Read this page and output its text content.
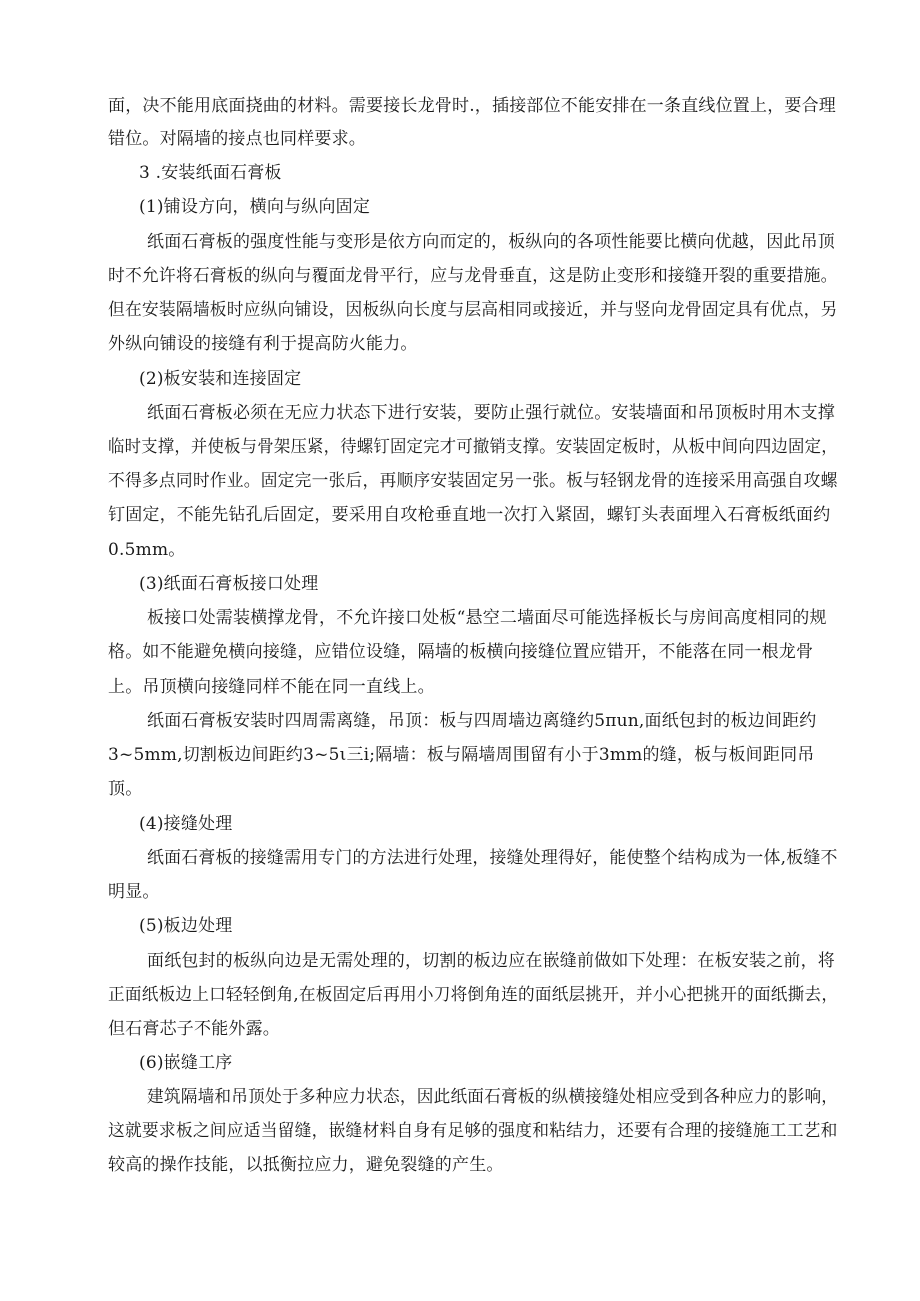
面，决不能用底面挠曲的材料。需要接长龙骨时.，插接部位不能安排在一条直线位置上，要合理
错位。对隔墙的接点也同样要求。
3 .安装纸面石膏板
(1)铺设方向，横向与纵向固定
纸面石膏板的强度性能与变形是依方向而定的，板纵向的各项性能要比横向优越，因此吊顶
时不允许将石膏板的纵向与覆面龙骨平行，应与龙骨垂直，这是防止变形和接缝开裂的重要措施。
但在安装隔墙板时应纵向铺设，因板纵向长度与层高相同或接近，并与竖向龙骨固定具有优点，另
外纵向铺设的接缝有利于提高防火能力。
(2)板安装和连接固定
纸面石膏板必须在无应力状态下进行安装，要防止强行就位。安装墙面和吊顶板时用木支撑
临时支撑，并使板与骨架压紧，待螺钉固定完才可撤销支撑。安装固定板时，从板中间向四边固定，
不得多点同时作业。固定完一张后，再顺序安装固定另一张。板与轻钢龙骨的连接采用高强自攻螺
钉固定，不能先钻孔后固定，要采用自攻枪垂直地一次打入紧固，螺钉头表面埋入石膏板纸面约
0.5mm。
(3)纸面石膏板接口处理
板接口处需装横撑龙骨，不允许接口处板“悬空二墙面尽可能选择板长与房间高度相同的规
格。如不能避免横向接缝，应错位设缝，隔墙的板横向接缝位置应错开，不能落在同一根龙骨
上。吊顶横向接缝同样不能在同一直线上。
纸面石膏板安装时四周需离缝，吊顶：板与四周墙边离缝约5πun,面纸包封的板边间距约
3~5mm,切割板边间距约3~5ι三i;隔墙：板与隔墙周围留有小于3mm的缝，板与板间距同吊
顶。
(4)接缝处理
纸面石膏板的接缝需用专门的方法进行处理，接缝处理得好，能使整个结构成为一体,板缝不
明显。
(5)板边处理
面纸包封的板纵向边是无需处理的，切割的板边应在嵌缝前做如下处理：在板安装之前，将
正面纸板边上口轻轻倒角,在板固定后再用小刀将倒角连的面纸层挑开，并小心把挑开的面纸撕去，
但石膏芯子不能外露。
(6)嵌缝工序
建筑隔墙和吊顶处于多种应力状态，因此纸面石膏板的纵横接缝处相应受到各种应力的影响，
这就要求板之间应适当留缝，嵌缝材料自身有足够的强度和粘结力，还要有合理的接缝施工工艺和
较高的操作技能，以抵衡拉应力，避免裂缝的产生。
